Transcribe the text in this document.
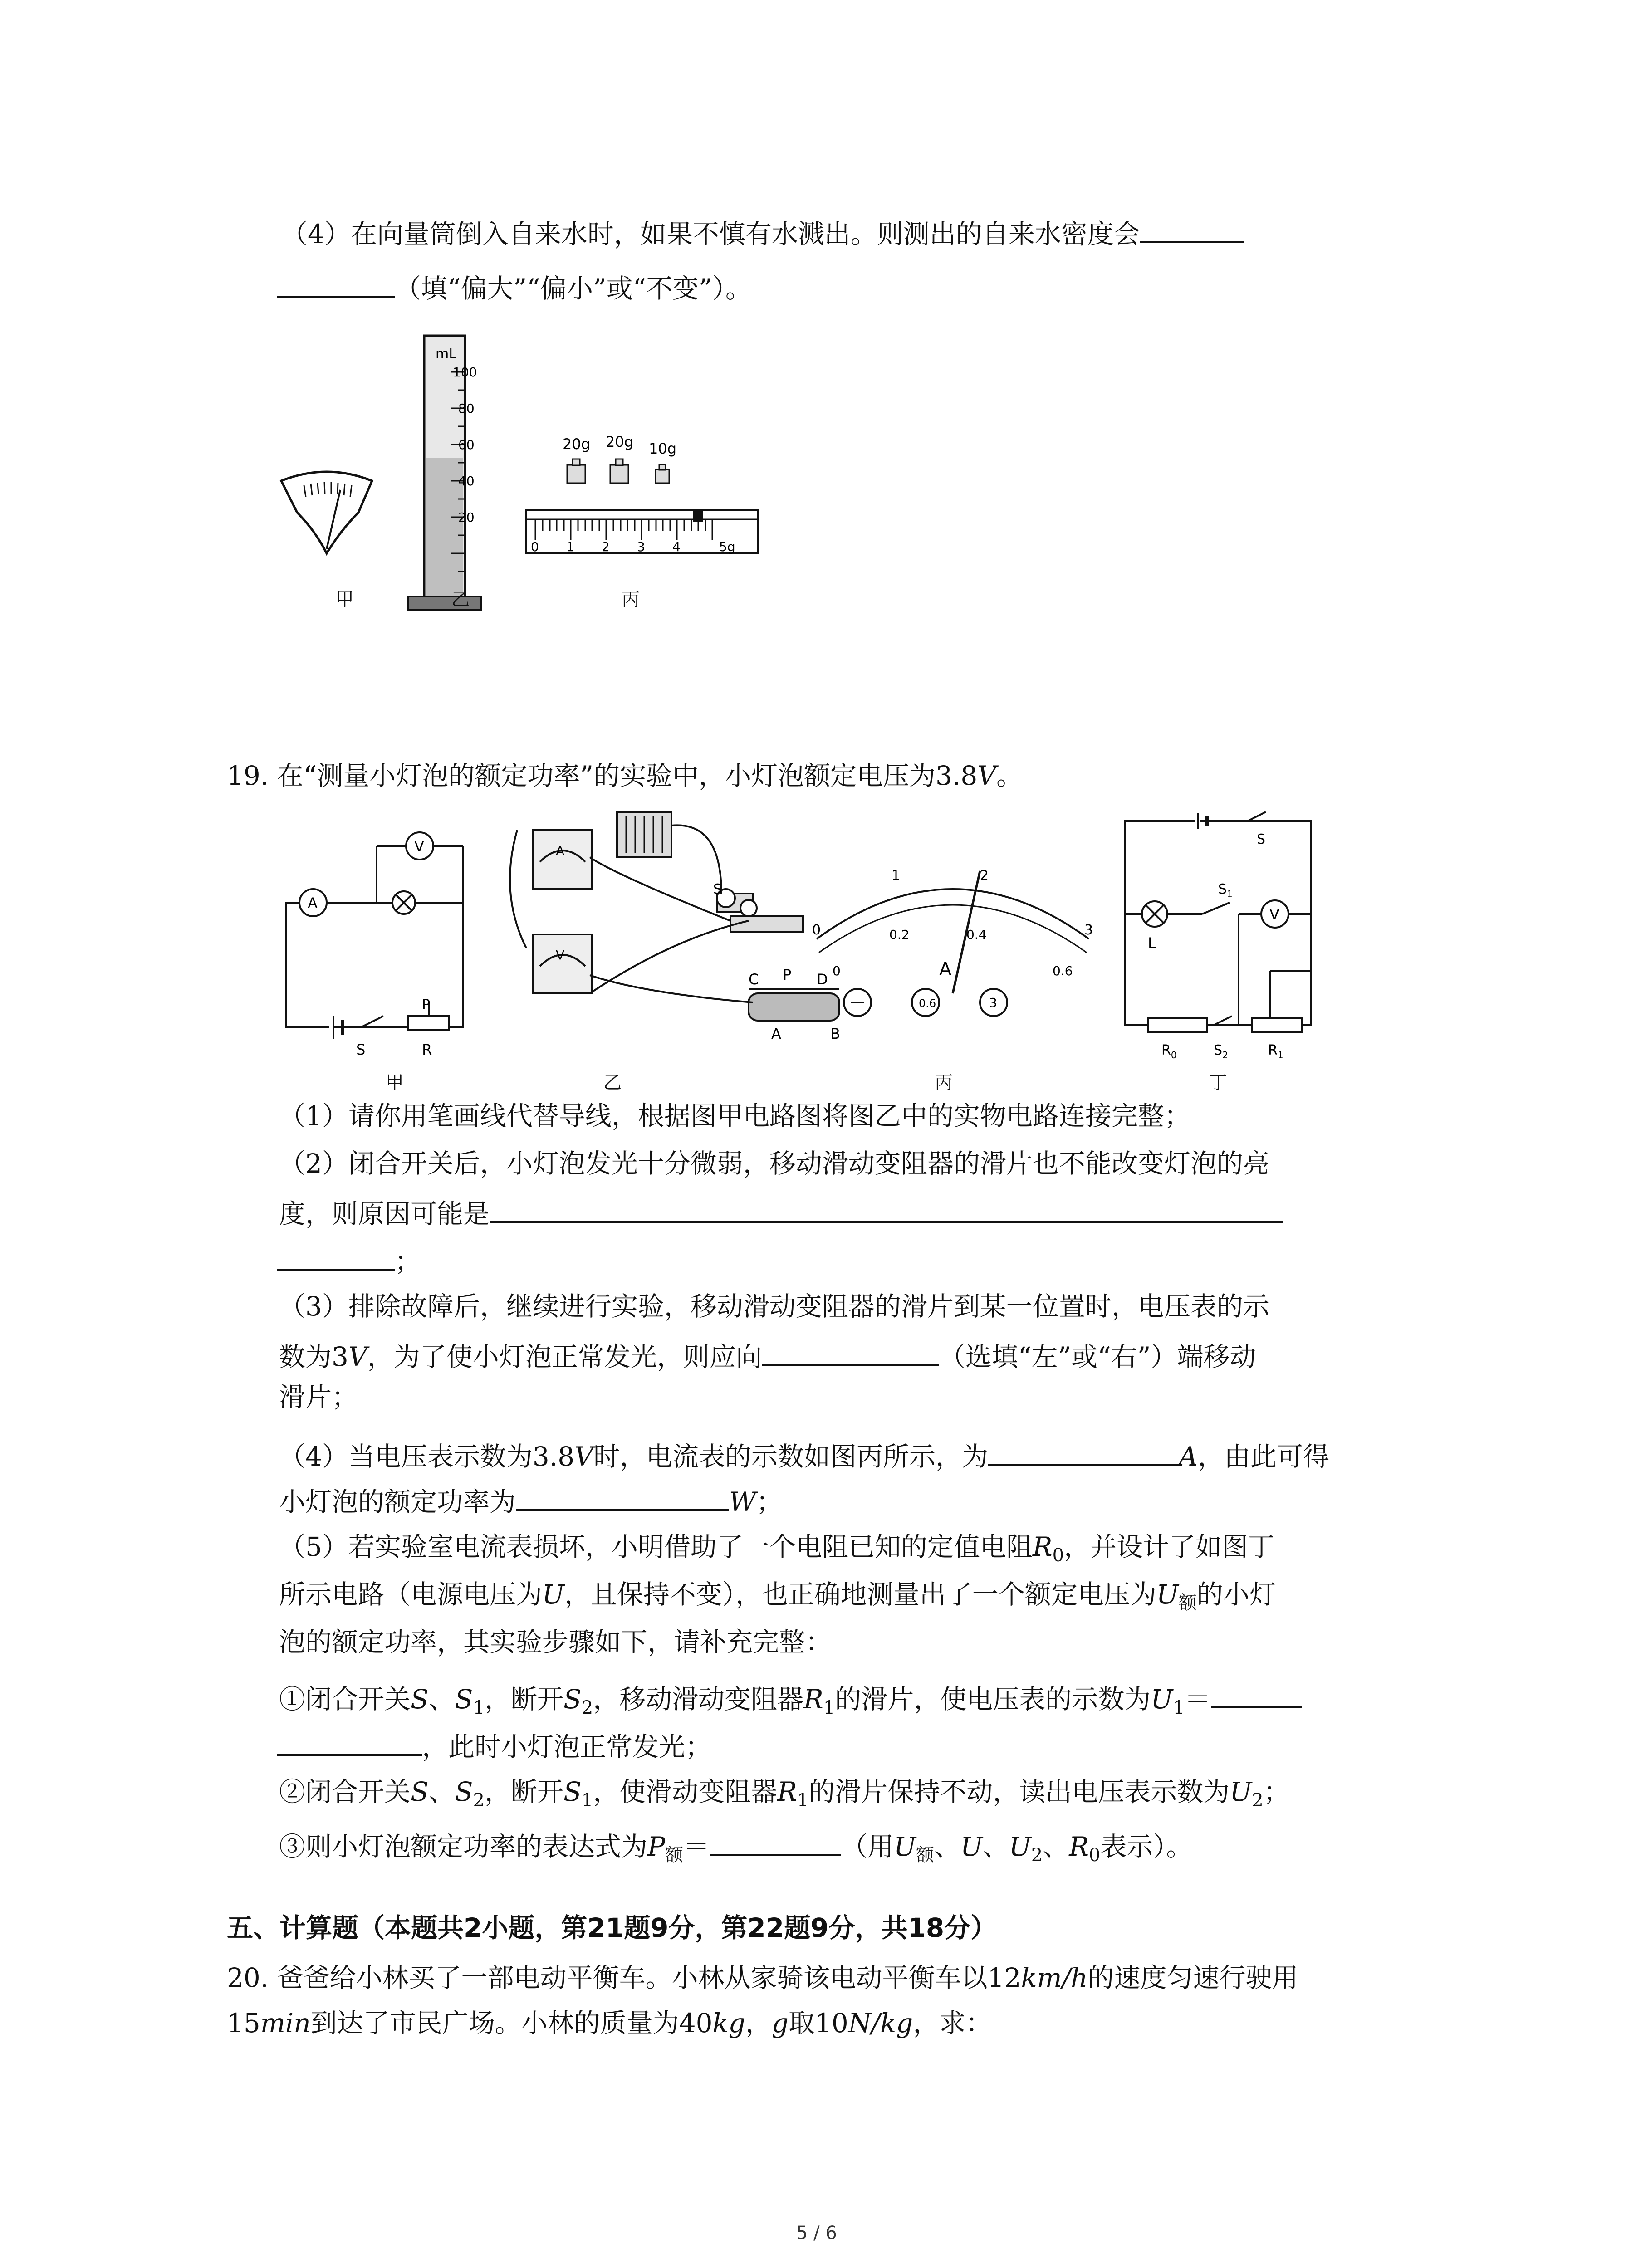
（4）在向量筒倒入自来水时，如果不慎有水溅出。则测出的自来水密度会
（填“偏大”“偏小”或“不变”）。
mL
100
80
60
40
20
20g 20g 10g
0 1 2 3 4	5g
甲	乙	丙
19. 在“测量小灯泡的额定功率”的实验中，小灯泡额定电压为3.8V。
A
V
S
P
R
S
A
V
C P D
A	B
0
1	2
3
0
0.2	0.4
0.6
A
0.6	3
S
V
L
$S_1$
$R_0$	$S_2$	$R_1$
甲	乙	丙	丁
（1）请你用笔画线代替导线，根据图甲电路图将图乙中的实物电路连接完整；
（2）闭合开关后，小灯泡发光十分微弱，移动滑动变阻器的滑片也不能改变灯泡的亮
度，则原因可能是
；
（3）排除故障后，继续进行实验，移动滑动变阻器的滑片到某一位置时，电压表的示
数为3V，为了使小灯泡正常发光，则应向	（选填“左”或“右”）端移动
滑片；
（4）当电压表示数为3.8V时，电流表的示数如图丙所示，为	A，由此可得
小灯泡的额定功率为	W；
（5）若实验室电流表损坏，小明借助了一个电阻已知的定值电阻$R_0$，并设计了如图丁
所示电路（电源电压为U，且保持不变），也正确地测量出了一个额定电压为$U_额$的小灯
泡的额定功率，其实验步骤如下，请补充完整：
①闭合开关S、$S_1$，断开$S_2$，移动滑动变阻器$R_1$的滑片，使电压表的示数为$U_1=$
，此时小灯泡正常发光；
②闭合开关S、$S_2$，断开$S_1$，使滑动变阻器$R_1$的滑片保持不动，读出电压表示数为$U_2$；
③则小灯泡额定功率的表达式为$P_额=$	（用$U_额$、U、$U_2$、$R_0$表示）。
五、计算题（本题共2小题，第21题9分，第22题9分，共18分）
20. 爸爸给小林买了一部电动平衡车。小林从家骑该电动平衡车以12km/h的速度匀速行驶用
15min到达了市民广场。小林的质量为40kg，g取10N/kg，求：
5 / 6
